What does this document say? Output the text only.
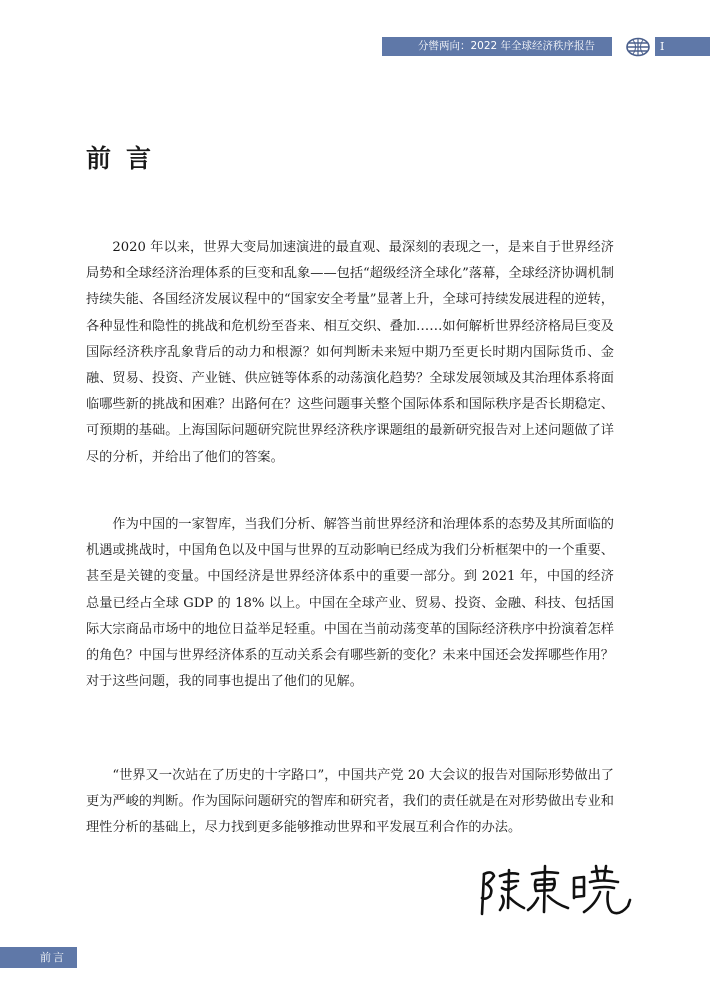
分辔两向：2022 年全球经济秩序报告	I
前言

2020 年以来，世界大变局加速演进的最直观、最深刻的表现之一，是来自于世界经济局势和全球经济治理体系的巨变和乱象——包括“超级经济全球化”落幕，全球经济协调机制持续失能、各国经济发展议程中的“国家安全考量”显著上升，全球可持续发展进程的逆转，各种显性和隐性的挑战和危机纷至沓来、相互交织、叠加……如何解析世界经济格局巨变及国际经济秩序乱象背后的动力和根源？如何判断未来短中期乃至更长时期内国际货币、金融、贸易、投资、产业链、供应链等体系的动荡演化趋势？全球发展领域及其治理体系将面临哪些新的挑战和困难？出路何在？这些问题事关整个国际体系和国际秩序是否长期稳定、可预期的基础。上海国际问题研究院世界经济秩序课题组的最新研究报告对上述问题做了详尽的分析，并给出了他们的答案。

作为中国的一家智库，当我们分析、解答当前世界经济和治理体系的态势及其所面临的机遇或挑战时，中国角色以及中国与世界的互动影响已经成为我们分析框架中的一个重要、甚至是关键的变量。中国经济是世界经济体系中的重要一部分。到 2021 年，中国的经济总量已经占全球 GDP 的 18% 以上。中国在全球产业、贸易、投资、金融、科技、包括国际大宗商品市场中的地位日益举足轻重。中国在当前动荡变革的国际经济秩序中扮演着怎样的角色？中国与世界经济体系的互动关系会有哪些新的变化？未来中国还会发挥哪些作用？对于这些问题，我的同事也提出了他们的见解。

“世界又一次站在了历史的十字路口”，中国共产党 20 大会议的报告对国际形势做出了更为严峻的判断。作为国际问题研究的智库和研究者，我们的责任就是在对形势做出专业和理性分析的基础上，尽力找到更多能够推动世界和平发展互利合作的办法。

前言
